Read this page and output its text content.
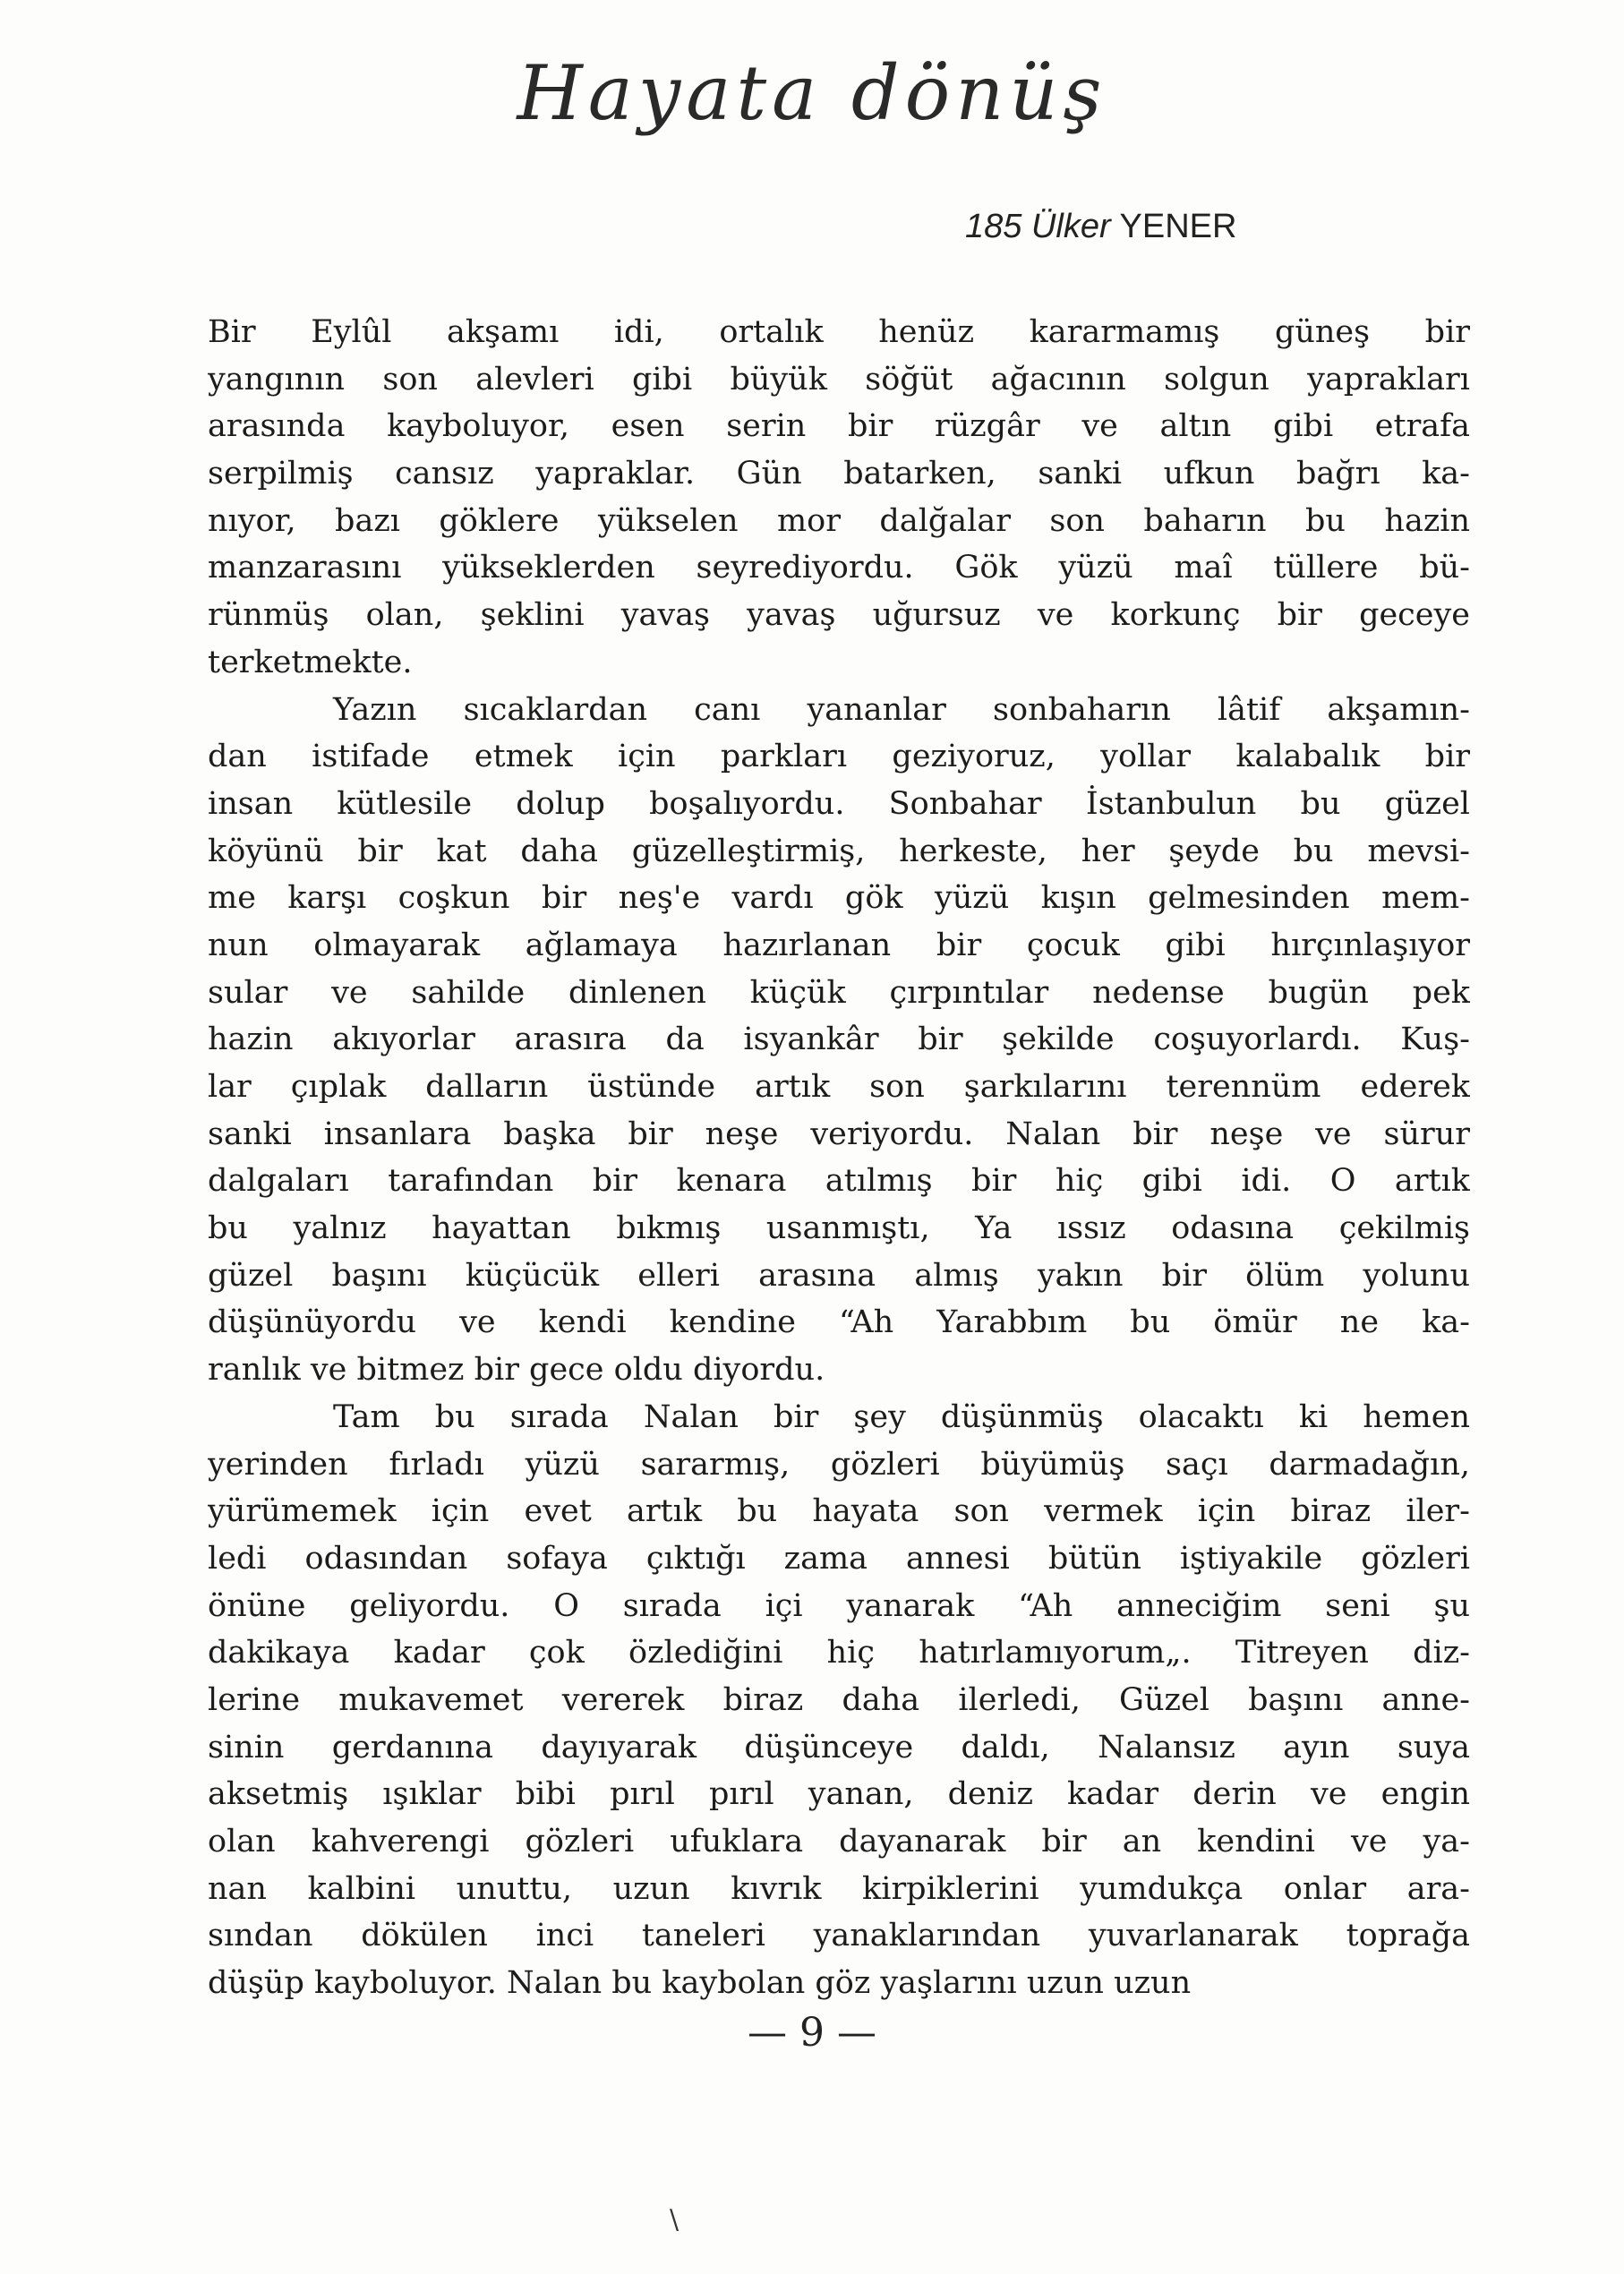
Hayata dönüş
185 Ülker YENER
Bir Eylûl akşamı idi, ortalık henüz kararmamış güneş bir
yangının son alevleri gibi büyük söğüt ağacının solgun yaprakları
arasında kayboluyor, esen serin bir rüzgâr ve altın gibi etrafa
serpilmiş cansız yapraklar. Gün batarken, sanki ufkun bağrı ka-
nıyor, bazı göklere yükselen mor dalğalar son baharın bu hazin
manzarasını yükseklerden seyrediyordu. Gök yüzü maî tüllere bü-
rünmüş olan, şeklini yavaş yavaş uğursuz ve korkunç bir geceye
terketmekte.
Yazın sıcaklardan canı yananlar sonbaharın lâtif akşamın-
dan istifade etmek için parkları geziyoruz, yollar kalabalık bir
insan kütlesile dolup boşalıyordu. Sonbahar İstanbulun bu güzel
köyünü bir kat daha güzelleştirmiş, herkeste, her şeyde bu mevsi-
me karşı coşkun bir neş'e vardı gök yüzü kışın gelmesinden mem-
nun olmayarak ağlamaya hazırlanan bir çocuk gibi hırçınlaşıyor
sular ve sahilde dinlenen küçük çırpıntılar nedense bugün pek
hazin akıyorlar arasıra da isyankâr bir şekilde coşuyorlardı. Kuş-
lar çıplak dalların üstünde artık son şarkılarını terennüm ederek
sanki insanlara başka bir neşe veriyordu. Nalan bir neşe ve sürur
dalgaları tarafından bir kenara atılmış bir hiç gibi idi. O artık
bu yalnız hayattan bıkmış usanmıştı, Ya ıssız odasına çekilmiş
güzel başını küçücük elleri arasına almış yakın bir ölüm yolunu
düşünüyordu ve kendi kendine “Ah Yarabbım bu ömür ne ka-
ranlık ve bitmez bir gece oldu diyordu.
Tam bu sırada Nalan bir şey düşünmüş olacaktı ki hemen
yerinden fırladı yüzü sararmış, gözleri büyümüş saçı darmadağın,
yürümemek için evet artık bu hayata son vermek için biraz iler-
ledi odasından sofaya çıktığı zama annesi bütün iştiyakile gözleri
önüne geliyordu. O sırada içi yanarak “Ah anneciğim seni şu
dakikaya kadar çok özlediğini hiç hatırlamıyorum„. Titreyen diz-
lerine mukavemet vererek biraz daha ilerledi, Güzel başını anne-
sinin gerdanına dayıyarak düşünceye daldı, Nalansız ayın suya
aksetmiş ışıklar bibi pırıl pırıl yanan, deniz kadar derin ve engin
olan kahverengi gözleri ufuklara dayanarak bir an kendini ve ya-
nan kalbini unuttu, uzun kıvrık kirpiklerini yumdukça onlar ara-
sından dökülen inci taneleri yanaklarından yuvarlanarak toprağa
düşüp kayboluyor. Nalan bu kaybolan göz yaşlarını uzun uzun
— 9 —
\
